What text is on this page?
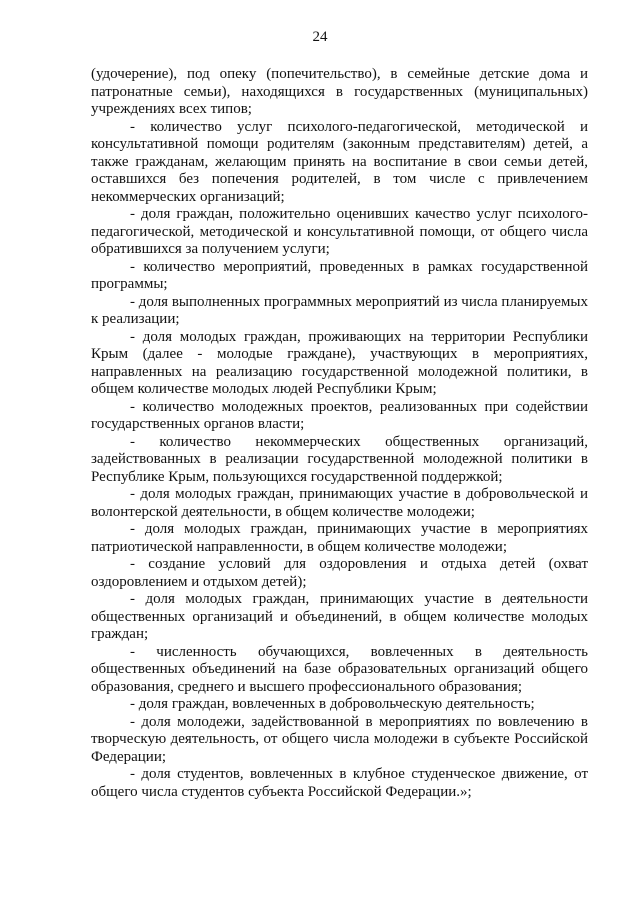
24

(удочерение), под опеку (попечительство), в семейные детские дома и патронатные семьи), находящихся в государственных (муниципальных) учреждениях всех типов;

- количество услуг психолого-педагогической, методической и консультативной помощи родителям (законным представителям) детей, а также гражданам, желающим принять на воспитание в свои семьи детей, оставшихся без попечения родителей, в том числе с привлечением некоммерческих организаций;

- доля граждан, положительно оценивших качество услуг психолого-педагогической, методической и консультативной помощи, от общего числа обратившихся за получением услуги;

- количество мероприятий, проведенных в рамках государственной программы;

- доля выполненных программных мероприятий из числа планируемых к реализации;

- доля молодых граждан, проживающих на территории Республики Крым (далее - молодые граждане), участвующих в мероприятиях, направленных на реализацию государственной молодежной политики, в общем количестве молодых людей Республики Крым;

- количество молодежных проектов, реализованных при содействии государственных органов власти;

- количество некоммерческих общественных организаций, задействованных в реализации государственной молодежной политики в Республике Крым, пользующихся государственной поддержкой;

- доля молодых граждан, принимающих участие в добровольческой и волонтерской деятельности, в общем количестве молодежи;

- доля молодых граждан, принимающих участие в мероприятиях патриотической направленности, в общем количестве молодежи;

- создание условий для оздоровления и отдыха детей (охват оздоровлением и отдыхом детей);

- доля молодых граждан, принимающих участие в деятельности общественных организаций и объединений, в общем количестве молодых граждан;

- численность обучающихся, вовлеченных в деятельность общественных объединений на базе образовательных организаций общего образования, среднего и высшего профессионального образования;

- доля граждан, вовлеченных в добровольческую деятельность;

- доля молодежи, задействованной в мероприятиях по вовлечению в творческую деятельность, от общего числа молодежи в субъекте Российской Федерации;

- доля студентов, вовлеченных в клубное студенческое движение, от общего числа студентов субъекта Российской Федерации.»;
